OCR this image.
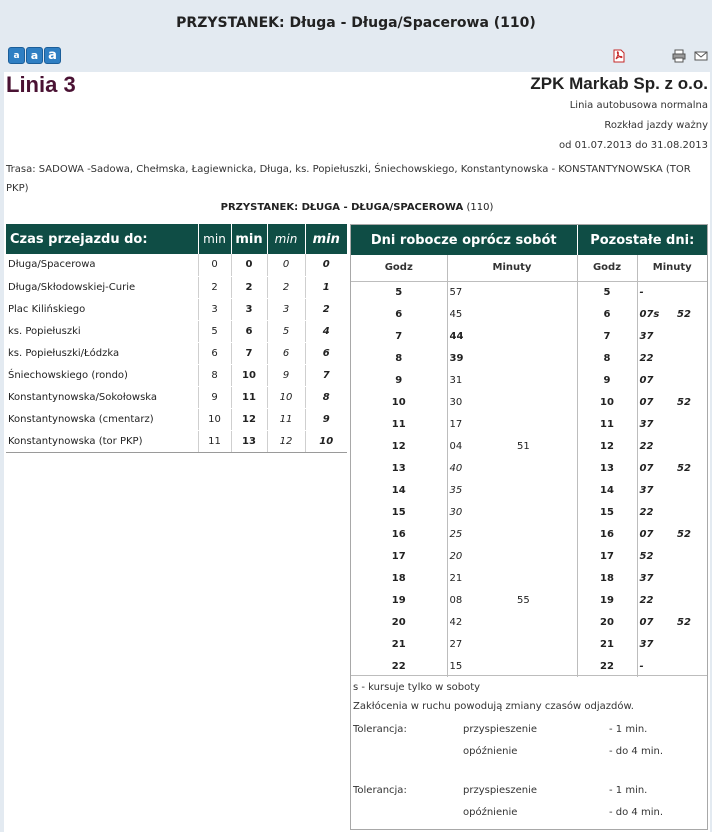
PRZYSTANEK: Długa - Długa/Spacerowa (110)
a	a a
Linia 3	ZPK Markab Sp. z o.o.
Linia autobusowa normalna
Rozkład jazdy ważny
od 01.07.2013 do 31.08.2013
Trasa: SADOWA -Sadowa, Chełmska, Łagiewnicka, Długa, ks. Popiełuszki, Śniechowskiego, Konstantynowska - KONSTANTYNOWSKA (TOR PKP)
PRZYSTANEK: DŁUGA - DŁUGA/SPACEROWA (110)
Czas przejazdu do:	min	min	min	min
Długa/Spacerowa	0	0	0	0
Długa/Skłodowskiej-Curie	2	2	2	1
Plac Kilińskiego	3	3	3	2
ks. Popiełuszki	5	6	5	4
ks. Popiełuszki/Łódzka	6	7	6	6
Śniechowskiego (rondo)	8	10	9	7
Konstantynowska/Sokołowska	9	11	10	8
Konstantynowska (cmentarz)	10	12	11	9
Konstantynowska (tor PKP)	11	13	12	10
Dni robocze oprócz sobót			Pozostałe dni:		
Godz	Minuty		Godz	Minuty	
5	57		5	-	
6	45		6	07s	52
7	44		7	37	
8	39		8	22	
9	31		9	07	
10	30		10	07	52
11	17		11	37	
12	04	51	12	22	
13	40		13	07	52
14	35		14	37	
15	30		15	22	
16	25		16	07	52
17	20		17	52	
18	21		18	37	
19	08	55	19	22	
20	42		20	07	52
21	27		21	37	
22	15		22	-	
s - kursuje tylko w soboty
Zakłócenia w ruchu powodują zmiany czasów odjazdów.
Tolerancja:	przyspieszenie	- 1 min.
opóźnienie	- do 4 min.
Tolerancja:	przyspieszenie	- 1 min.
opóźnienie	- do 4 min.
